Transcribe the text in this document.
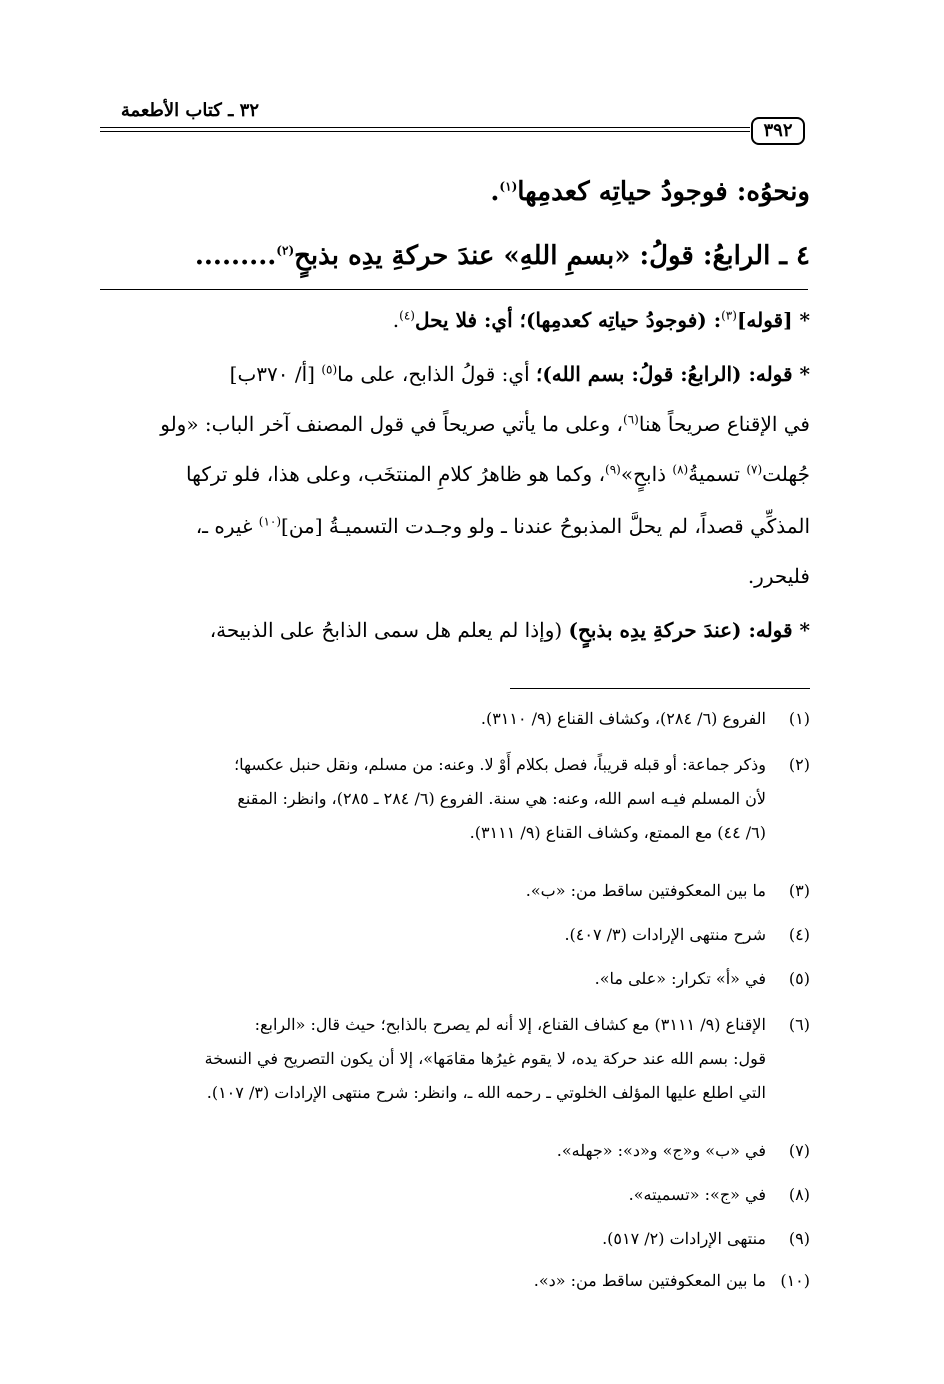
٣٢ ـ كتاب الأطعمة
٣٩٢
ونحوُه: فوجودُ حياتِه كعدمِها$^{(١)}$.
٤ ـ الرابعُ: قولُ: «بسمِ اللهِ» عندَ حركةِ يدِه بذبحٍ$^{(٢)}$.........
* [قوله]$^{(٣)}$: (فوجودُ حياتِه كعدمِها)؛ أي: فلا يحل$^{(٤)}$.
* قوله: (الرابعُ: قولُ: بسم الله)؛ أي: قولُ الذابح، على ما$^{(٥)}$ [أ/ ٣٧٠ب]
في الإقناع صريحاً هنا$^{(٦)}$، وعلى ما يأتي صريحاً في قول المصنف آخر الباب: «ولو
جُهلت$^{(٧)}$ تسميةُ$^{(٨)}$ ذابحٍ»$^{(٩)}$، وكما هو ظاهرُ كلامِ المنتخَب، وعلى هذا، فلو تركها
المذكِّي قصداً، لم يحلَّ المذبوحُ عندنا ـ ولو وجـدت التسميـةُ [من]$^{(١٠)}$ غيره ـ،
فليحرر.
* قوله: (عندَ حركةِ يدِه بذبحٍ) (وإذا لم يعلم هل سمى الذابحُ على الذبيحة،
(١)الفروع (٦/ ٢٨٤)، وكشاف القناع (٩/ ٣١١٠).
(٢)وذكر جماعة: أو قبله قريباً، فصل بكلام أَوْ لا. وعنه: من مسلم، ونقل حنبل عكسها؛
لأن المسلم فيـه اسم الله، وعنه: هي سنة. الفروع (٦/ ٢٨٤ ـ ٢٨٥)، وانظر: المقنع
(٦/ ٤٤) مع الممتع، وكشاف القناع (٩/ ٣١١١).
(٣)ما بين المعكوفتين ساقط من: «ب».
(٤)شرح منتهى الإرادات (٣/ ٤٠٧).
(٥)في «أ» تكرار: «على ما».
(٦)الإقناع (٩/ ٣١١١) مع كشاف القناع، إلا أنه لم يصرح بالذابح؛ حيث قال: «الرابع:
قول: بسم الله عند حركة يده، لا يقوم غيرُها مقامَها»، إلا أن يكون التصريح في النسخة
التي اطلع عليها المؤلف الخلوتي ـ رحمه الله ـ، وانظر: شرح منتهى الإرادات (٣/ ١٠٧).
(٧)في «ب» و«ج» و«د»: «جهله».
(٨)في «ج»: «تسميته».
(٩)منتهى الإرادات (٢/ ٥١٧).
(١٠)ما بين المعكوفتين ساقط من: «د».
